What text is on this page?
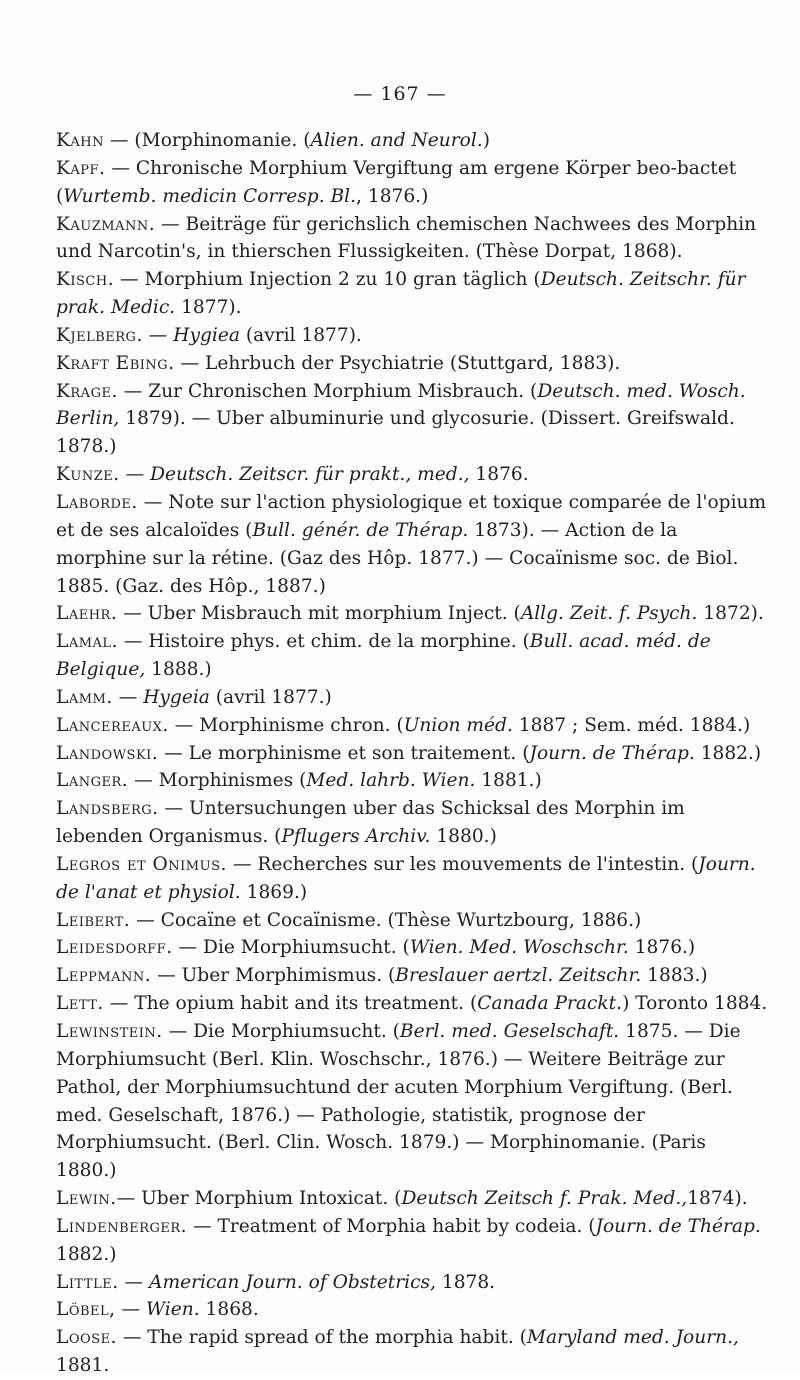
— 167 —

Kahn — (Morphinomanie. (Alien. and Neurol.)

Kapf. — Chronische Morphium Vergiftung am ergene Körper beo-bactet (Wurtemb. medicin Corresp. Bl., 1876.)

Kauzmann. — Beiträge für gerichslich chemischen Nachwees des Morphin und Narcotin's, in thierschen Flussigkeiten. (Thèse Dorpat, 1868).

Kisch. — Morphium Injection 2 zu 10 gran täglich (Deutsch. Zeitschr. für prak. Medic. 1877).

Kjelberg. — Hygiea (avril 1877).

Kraft Ebing. — Lehrbuch der Psychiatrie (Stuttgard, 1883).

Krage. — Zur Chronischen Morphium Misbrauch. (Deutsch. med. Wosch. Berlin, 1879). — Uber albuminurie und glycosurie. (Dissert. Greifswald. 1878.)

Kunze. — Deutsch. Zeitscr. für prakt., med., 1876.

Laborde. — Note sur l'action physiologique et toxique comparée de l'opium et de ses alcaloïdes (Bull. génér. de Thérap. 1873). — Action de la morphine sur la rétine. (Gaz des Hôp. 1877.) — Cocaïnisme soc. de Biol. 1885. (Gaz. des Hôp., 1887.)

Laehr. — Uber Misbrauch mit morphium Inject. (Allg. Zeit. f. Psych. 1872).

Lamal. — Histoire phys. et chim. de la morphine. (Bull. acad. méd. de Belgique, 1888.)

Lamm. — Hygeia (avril 1877.)

Lancereaux. — Morphinisme chron. (Union méd. 1887 ; Sem. méd. 1884.)

Landowski. — Le morphinisme et son traitement. (Journ. de Thérap. 1882.)

Langer. — Morphinismes (Med. lahrb. Wien. 1881.)

Landsberg. — Untersuchungen uber das Schicksal des Morphin im lebenden Organismus. (Pflugers Archiv. 1880.)

Legros et Onimus. — Recherches sur les mouvements de l'intestin. (Journ. de l'anat et physiol. 1869.)

Leibert. — Cocaïne et Cocaïnisme. (Thèse Wurtzbourg, 1886.)

Leidesdorff. — Die Morphiumsucht. (Wien. Med. Woschschr. 1876.)

Leppmann. — Uber Morphimismus. (Breslauer aertzl. Zeitschr. 1883.)

Lett. — The opium habit and its treatment. (Canada Prackt.) Toronto 1884.

Lewinstein. — Die Morphiumsucht. (Berl. med. Geselschaft. 1875. — Die Morphiumsucht (Berl. Klin. Woschschr., 1876.) — Weitere Beiträge zur Pathol, der Morphiumsuchtund der acuten Morphium Vergiftung. (Berl. med. Geselschaft, 1876.) — Pathologie, statistik, prognose der Morphiumsucht. (Berl. Clin. Wosch. 1879.) — Morphinomanie. (Paris 1880.)

Lewin.— Uber Morphium Intoxicat. (Deutsch Zeitsch f. Prak. Med.,1874).

Lindenberger. — Treatment of Morphia habit by codeia. (Journ. de Thérap. 1882.)

Little. — American Journ. of Obstetrics, 1878.

Löbel, — Wien. 1868.

Loose. — The rapid spread of the morphia habit. (Maryland med. Journ., 1881.
